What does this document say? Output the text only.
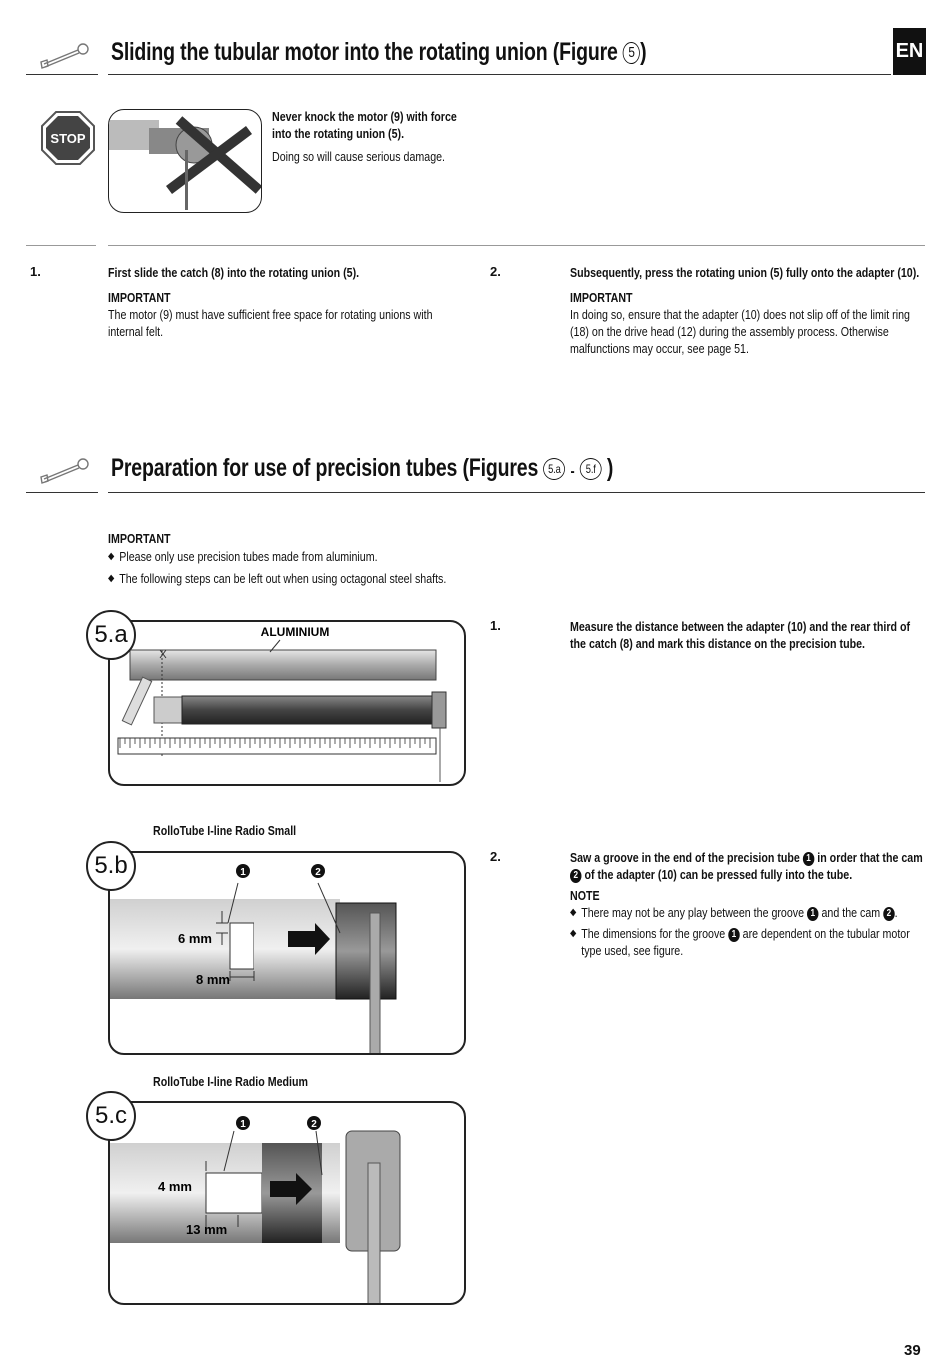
Sliding the tubular motor into the rotating union (Figure 5 )	EN
STOP
Never knock the motor (9) with force into the rotating union (5).
Doing so will cause serious damage.
1.	First slide the catch (8) into the rotating union (5).
IMPORTANT
The motor (9) must have sufficient free space for rotating unions with internal felt.
2.	Subsequently, press the rotating union (5) fully onto the adapter (10).
IMPORTANT
In doing so, ensure that the adapter (10) does not slip off of the limit ring (18) on the drive head (12) during the assembly process. Otherwise malfunctions may occur, see page 51.
Preparation for use of precision tubes (Figures 5.a - 5.f )
IMPORTANT
◆ Please only use precision tubes made from aluminium.
◆ The following steps can be left out when using octagonal steel shafts.
ALUMINIUM
5.a
RolloTube I-line Radio Small
6 mm
8 mm
1	2
5.b
RolloTube I-line Radio Medium
4 mm
13 mm
1	2
5.c
1.	Measure the distance between the adapter (10) and the rear third of the catch (8) and mark this distance on the precision tube.
2.	Saw a groove in the end of the precision tube 1 in order that the cam 2 of the adapter (10) can be pressed fully into the tube.
NOTE
◆ There may not be any play between the groove 1 and the cam 2 .
◆ The dimensions for the groove 1 are dependent on the tubular motor type used, see figure.
39
